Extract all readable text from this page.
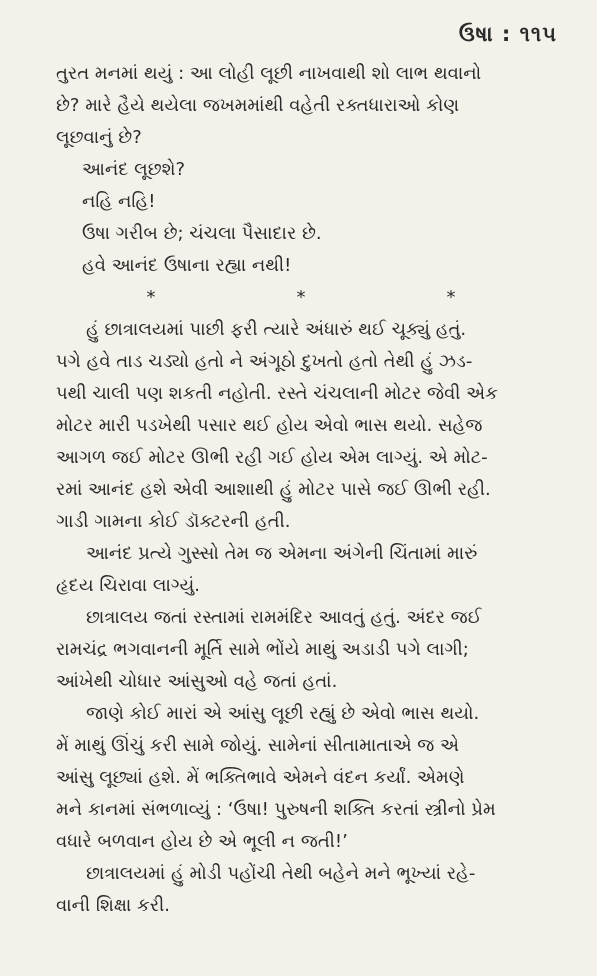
ઉષા : ૧૧૫
તુરત મનમાં થયું : આ લોહી લૂછી નાખવાથી શો લાભ થવાનો
છે? મારે હૈયે થયેલા જખમમાંથી વહેતી રક્તધારાઓ કોણ
લૂછવાનું છે?
આનંદ લૂછશે?
નહિ નહિ!
ઉષા ગરીબ છે; ચંચલા પૈસાદાર છે.
હવે આનંદ ઉષાના રહ્યા નથી!
*	*	*
હું છાત્રાલયમાં પાછી ફરી ત્યારે અંધારું થઈ ચૂક્યું હતું.
પગે હવે તાડ ચડ્યો હતો ને અંગૂઠો દુખતો હતો તેથી હું ઝડ-
પથી ચાલી પણ શકતી નહોતી. રસ્તે ચંચલાની મોટર જેવી એક
મોટર મારી પડખેથી પસાર થઈ હોય એવો ભાસ થયો. સહેજ
આગળ જઈ મોટર ઊભી રહી ગઈ હોય એમ લાગ્યું. એ મોટ-
રમાં આનંદ હશે એવી આશાથી હું મોટર પાસે જઈ ઊભી રહી.
ગાડી ગામના કોઈ ડૉક્ટરની હતી.
આનંદ પ્રત્યે ગુસ્સો તેમ જ એમના અંગેની ચિંતામાં મારું
હૃદય ચિરાવા લાગ્યું.
છાત્રાલય જતાં રસ્તામાં રામમંદિર આવતું હતું. અંદર જઈ
રામચંદ્ર ભગવાનની મૂર્તિ સામે ભોંયે માથું અડાડી પગે લાગી;
આંખેથી ચોધાર આંસુઓ વહે જતાં હતાં.
જાણે કોઈ મારાં એ આંસુ લૂછી રહ્યું છે એવો ભાસ થયો.
મેં માથું ઊંચું કરી સામે જોયું. સામેનાં સીતામાતાએ જ એ
આંસુ લૂછ્યાં હશે. મેં ભક્તિભાવે એમને વંદન કર્યાં. એમણે
મને કાનમાં સંભળાવ્યું : ‘ઉષા! પુરુષની શક્તિ કરતાં સ્ત્રીનો પ્રેમ
વધારે બળવાન હોય છે એ ભૂલી ન જતી!’
છાત્રાલયમાં હું મોડી પહોંચી તેથી બહેને મને ભૂખ્યાં રહે-
વાની શિક્ષા કરી.
